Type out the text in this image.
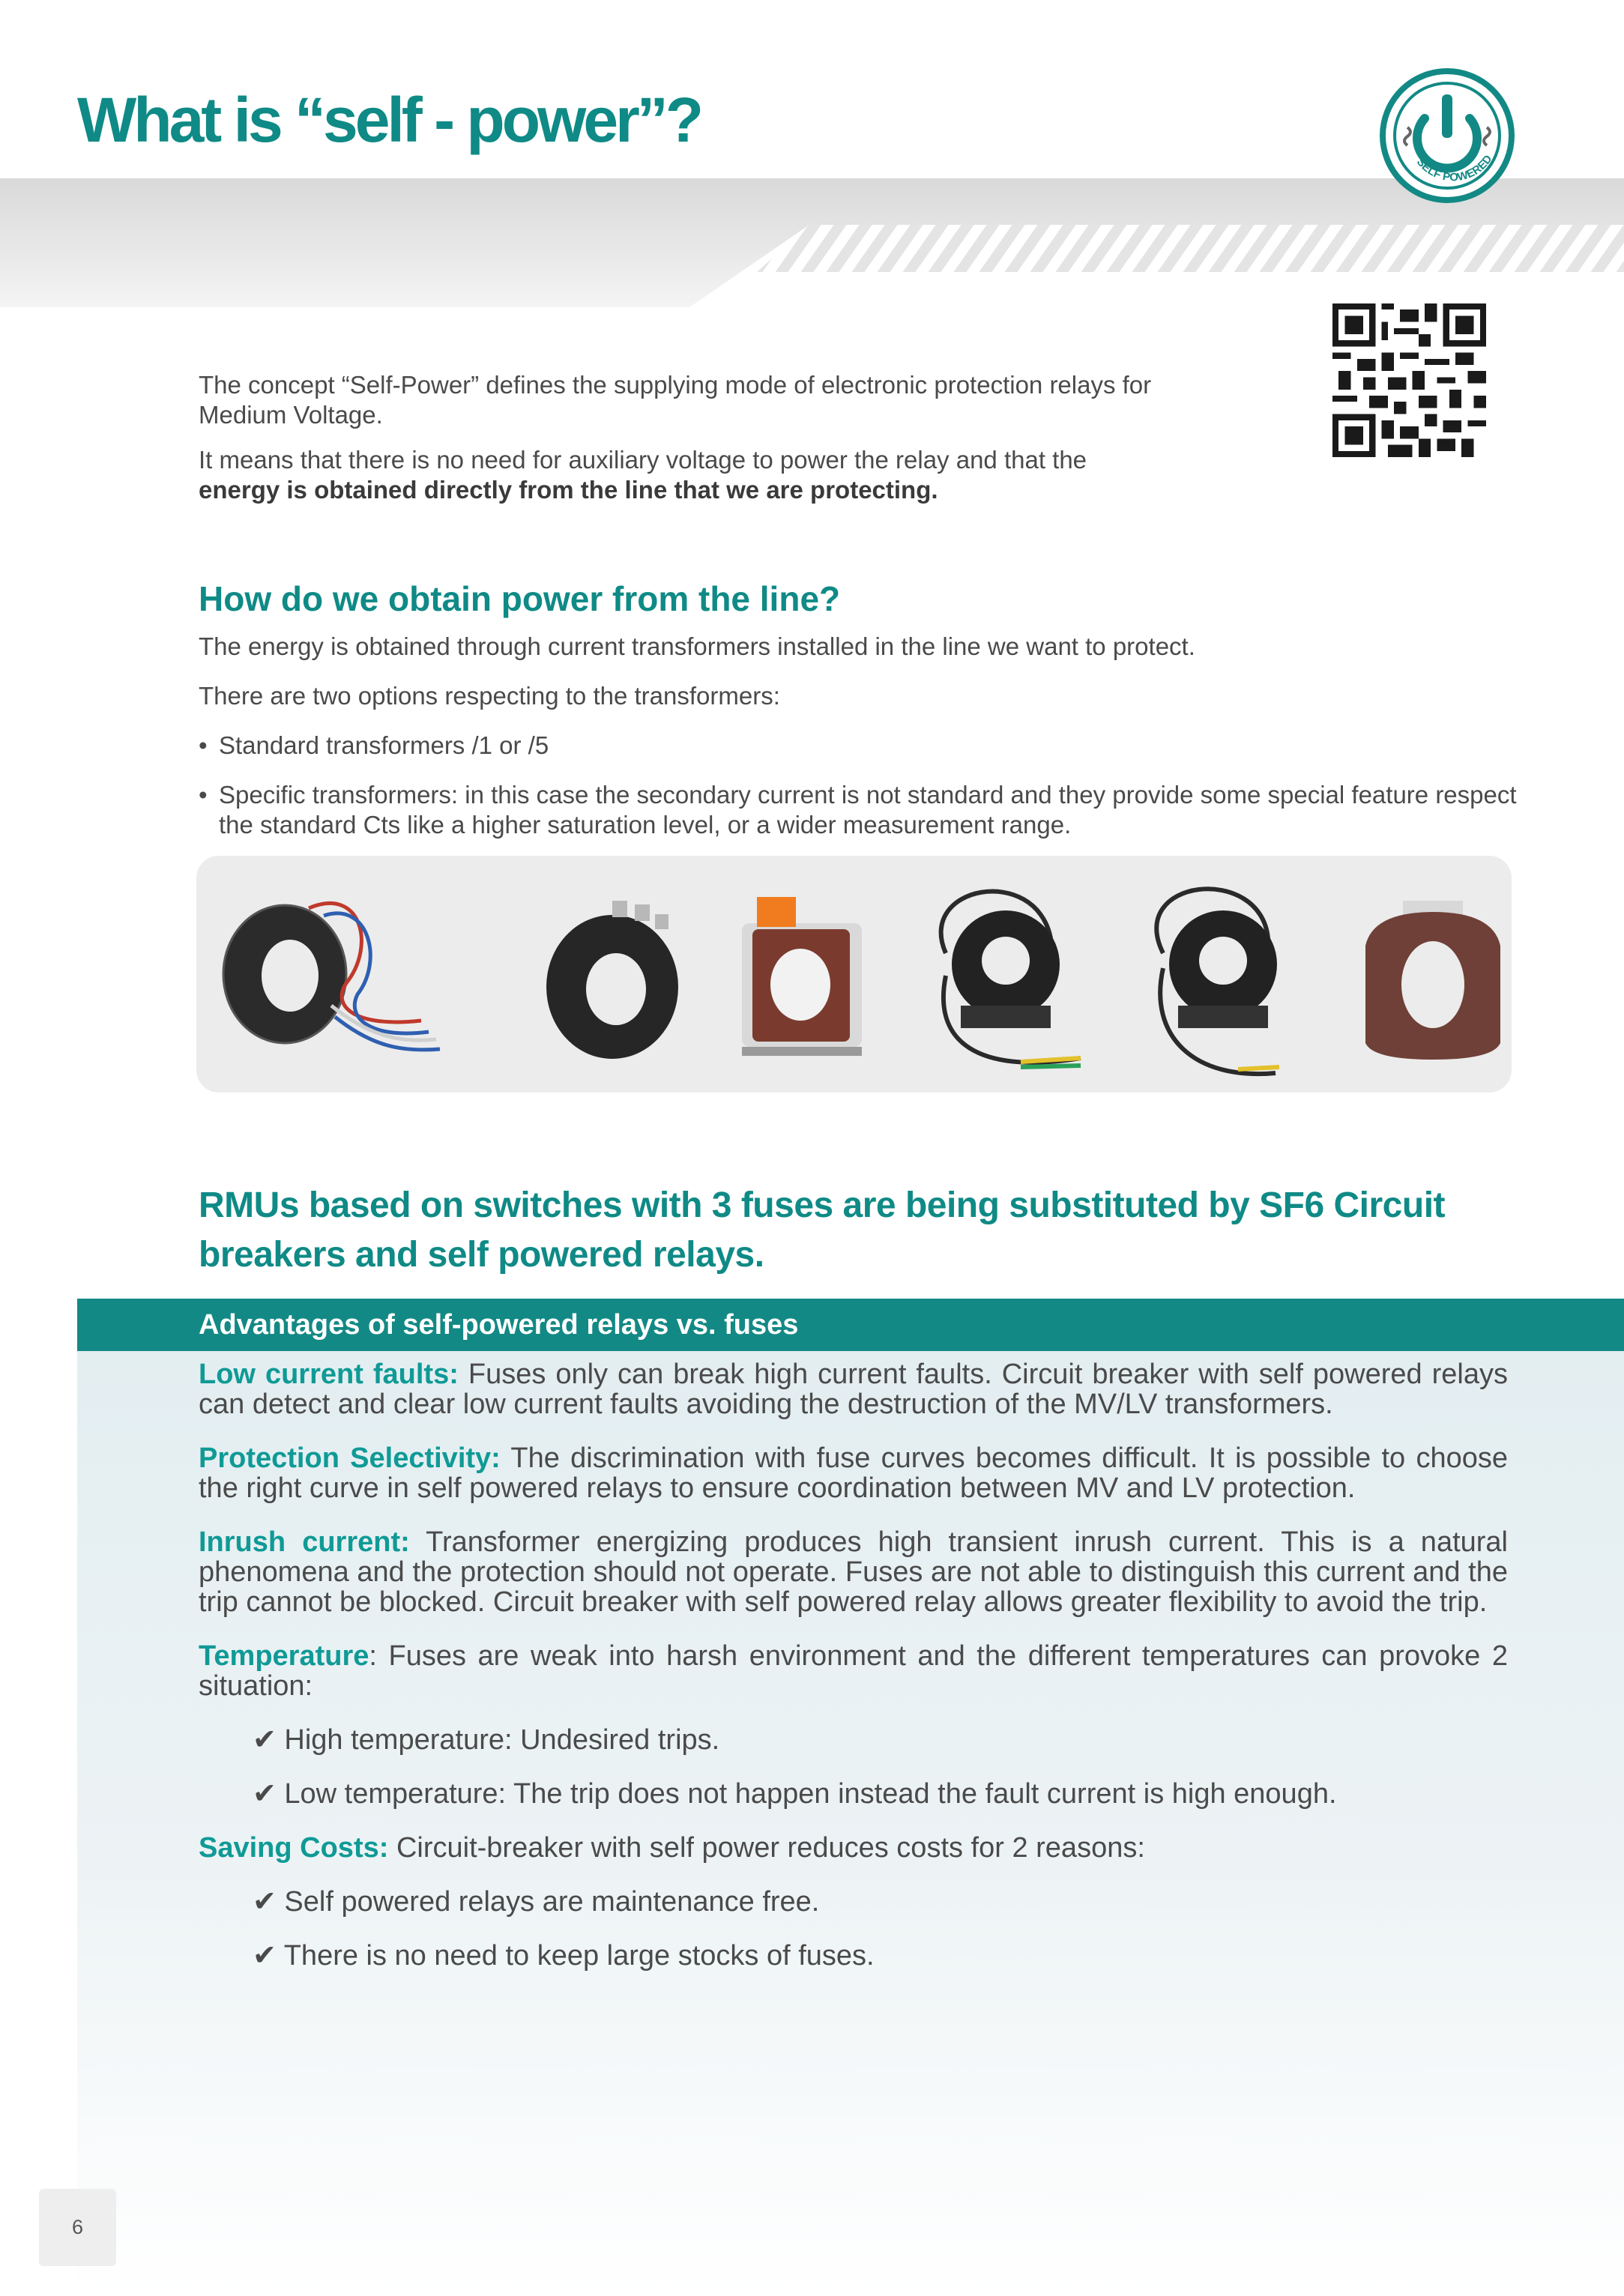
What is “self - power”?
SELF POWERED

The concept “Self-Power” defines the supplying mode of electronic protection relays for Medium Voltage.

It means that there is no need for auxiliary voltage to power the relay and that the energy is obtained directly from the line that we are protecting.

How do we obtain power from the line?

The energy is obtained through current transformers installed in the line we want to protect.

There are two options respecting to the transformers:

• Standard transformers /1 or /5

• Specific transformers: in this case the secondary current is not standard and they provide some special feature respect the standard Cts like a higher saturation level, or a wider measurement range.

RMUs based on switches with 3 fuses are being substituted by SF6 Circuit breakers and self powered relays.
Advantages of self-powered relays vs. fuses

Low current faults: Fuses only can break high current faults. Circuit breaker with self powered relays can detect and clear low current faults avoiding the destruction of the MV/LV transformers.

Protection Selectivity: The discrimination with fuse curves becomes difficult. It is possible to choose the right curve in self powered relays to ensure coordination between MV and LV protection.

Inrush current: Transformer energizing produces high transient inrush current. This is a natural phenomena and the protection should not operate. Fuses are not able to distinguish this current and the trip cannot be blocked. Circuit breaker with self powered relay allows greater flexibility to avoid the trip.

Temperature: Fuses are weak into harsh environment and the different temperatures can provoke 2 situation:

✔ High temperature: Undesired trips.

✔ Low temperature: The trip does not happen instead the fault current is high enough.

Saving Costs: Circuit-breaker with self power reduces costs for 2 reasons:

✔ Self powered relays are maintenance free.

✔ There is no need to keep large stocks of fuses.

6
